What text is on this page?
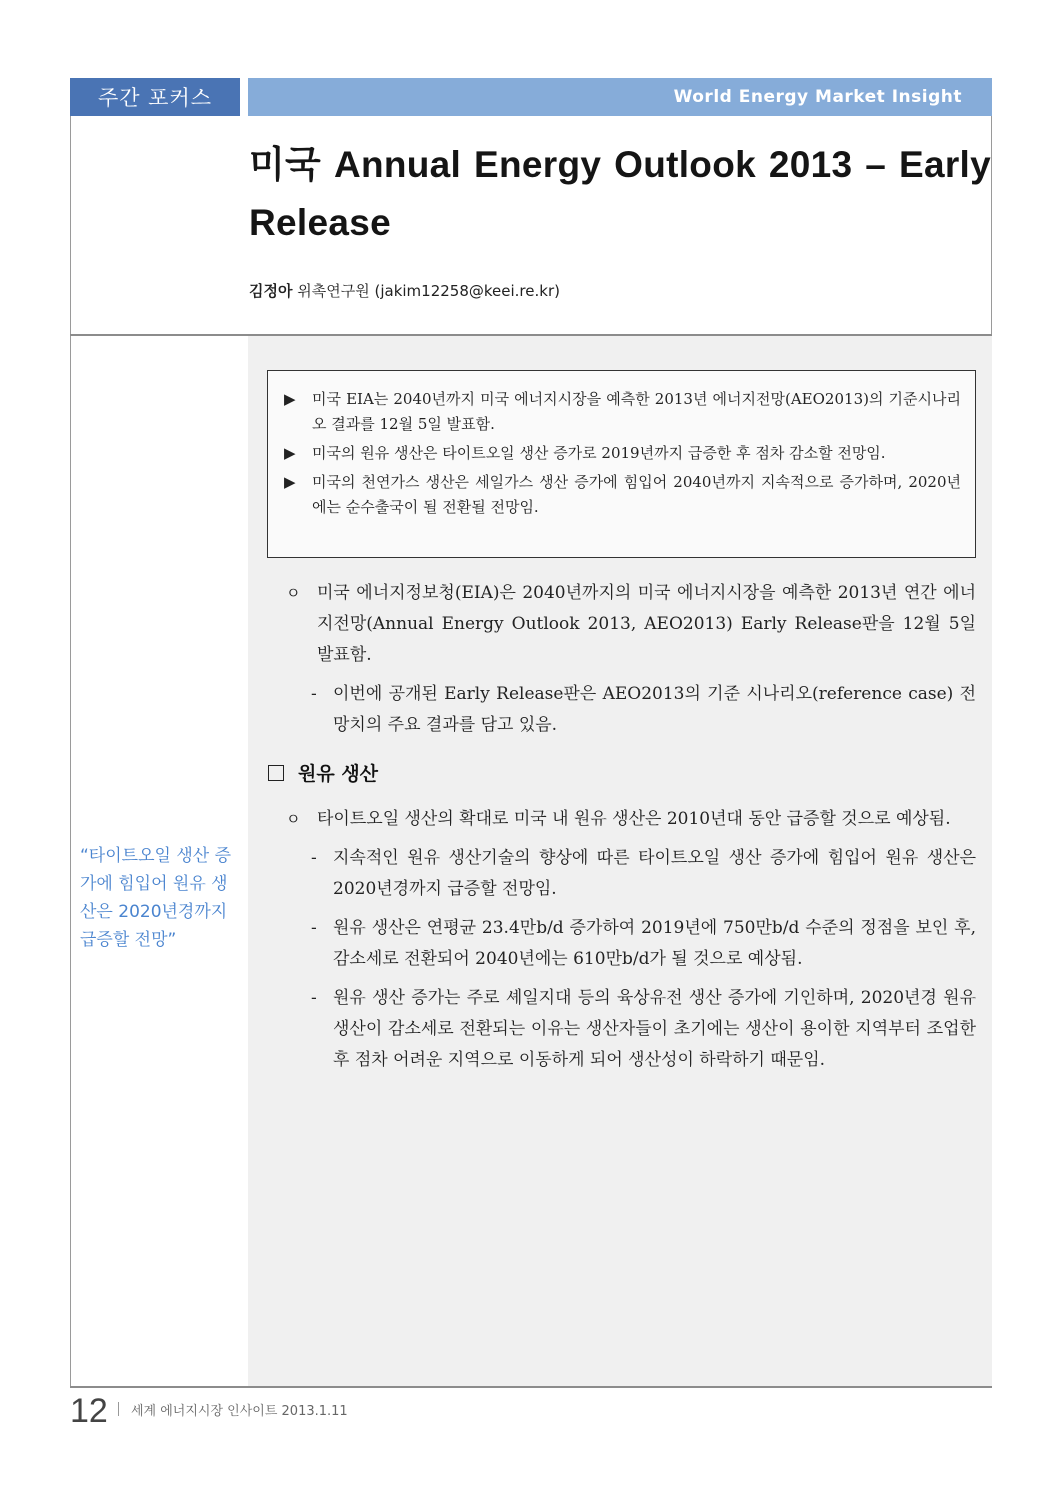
주간 포커스	World Energy Market Insight
미국 Annual Energy Outlook 2013 – Early Release
김정아 위촉연구원 (jakim12258@keei.re.kr)
▶	미국 EIA는 2040년까지 미국 에너지시장을 예측한 2013년 에너지전망(AEO2013)의 기준시나리오 결과를 12월 5일 발표함.
▶	미국의 원유 생산은 타이트오일 생산 증가로 2019년까지 급증한 후 점차 감소할 전망임.
▶	미국의 천연가스 생산은 세일가스 생산 증가에 힘입어 2040년까지 지속적으로 증가하며, 2020년에는 순수출국이 될 전환될 전망임.
ㅇ 미국 에너지정보청(EIA)은 2040년까지의 미국 에너지시장을 예측한 2013년 연간 에너지전망(Annual Energy Outlook 2013, AEO2013) Early Release판을 12월 5일 발표함.
- 이번에 공개된 Early Release판은 AEO2013의 기준 시나리오(reference case) 전망치의 주요 결과를 담고 있음.
원유 생산
ㅇ 타이트오일 생산의 확대로 미국 내 원유 생산은 2010년대 동안 급증할 것으로 예상됨.
- 지속적인 원유 생산기술의 향상에 따른 타이트오일 생산 증가에 힘입어 원유 생산은 2020년경까지 급증할 전망임.
- 원유 생산은 연평균 23.4만b/d 증가하여 2019년에 750만b/d 수준의 정점을 보인 후, 감소세로 전환되어 2040년에는 610만b/d가 될 것으로 예상됨.
- 원유 생산 증가는 주로 셰일지대 등의 육상유전 생산 증가에 기인하며, 2020년경 원유 생산이 감소세로 전환되는 이유는 생산자들이 초기에는 생산이 용이한 지역부터 조업한 후 점차 어려운 지역으로 이동하게 되어 생산성이 하락하기 때문임.
“타이트오일 생산 증가에 힘입어 원유 생산은 2020년경까지 급증할 전망”
12 세계 에너지시장 인사이트 2013.1.11
